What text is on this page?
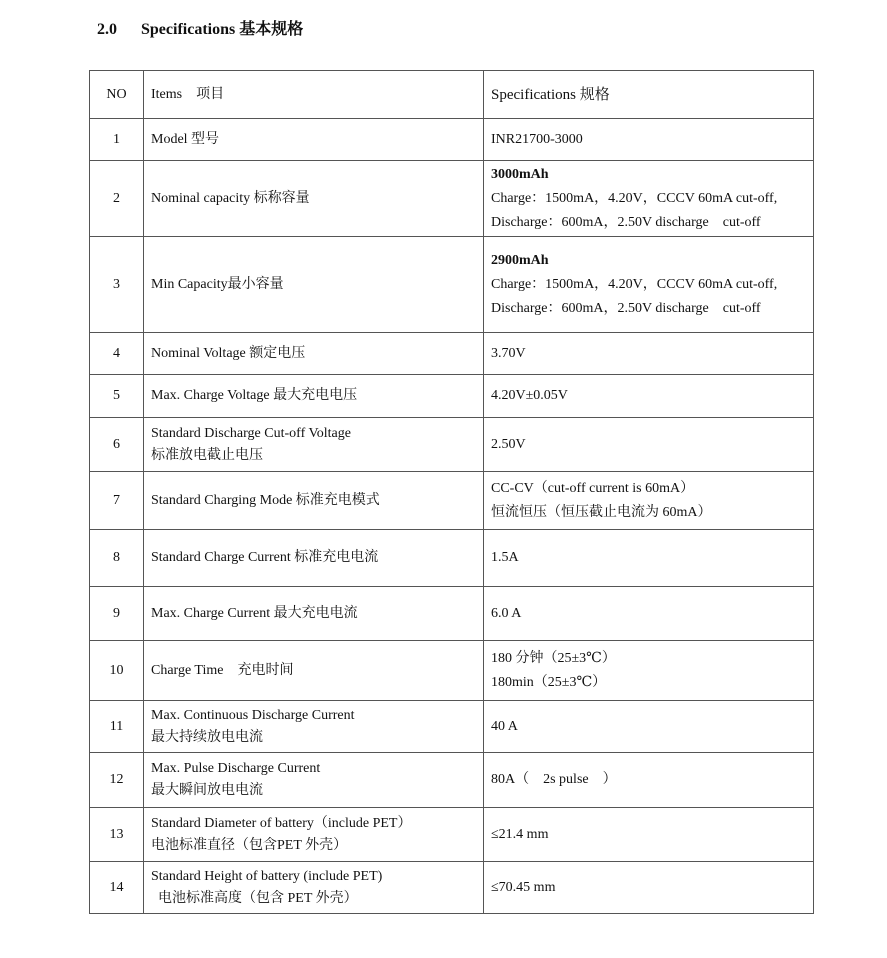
2.0 Specifications 基本规格
NO	Items　项目	Specifications 规格
1	Model 型号	INR21700-3000

2	Nominal capacity 标称容量	3000mAh
Charge：1500mA，4.20V，CCCV 60mA cut-off,
Discharge：600mA，2.50V discharge　cut-off

3	Min Capacity最小容量	2900mAh
Charge：1500mA，4.20V，CCCV 60mA cut-off,
Discharge：600mA，2.50V discharge　cut-off

4	Nominal Voltage 额定电压	3.70V

5	Max. Charge Voltage 最大充电电压	4.20V±0.05V

6	Standard Discharge Cut-off Voltage
标准放电截止电压	2.50V

7	Standard Charging Mode 标准充电模式	CC-CV（cut-off current is 60mA）
恒流恒压（恒压截止电流为 60mA）

8	Standard Charge Current 标准充电电流	1.5A

9	Max. Charge Current 最大充电电流	6.0 A

10	Charge Time　充电时间	180 分钟（25±3℃）
180min（25±3℃）

11	Max. Continuous Discharge Current
最大持续放电电流	40 A

12	Max. Pulse Discharge Current
最大瞬间放电电流	80A（　2s pulse　）

13	Standard Diameter of battery（include PET）
电池标准直径（包含PET 外壳）	≤21.4 mm

14	Standard Height of battery (include PET)
电池标准高度（包含 PET 外壳）	≤70.45 mm
